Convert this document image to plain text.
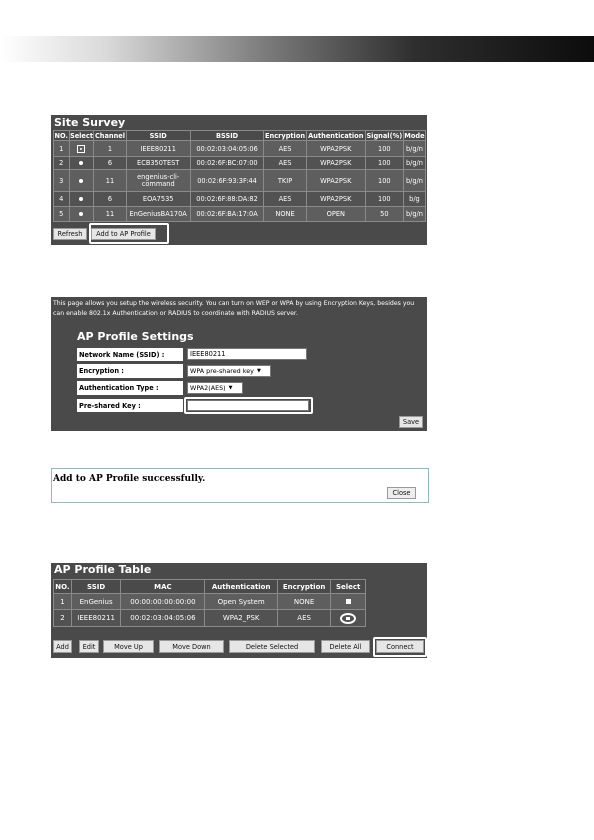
Site Survey
NO.	Select	Channel	SSID	BSSID	Encryption	Authentication	Signal(%)	Mode
1		1	IEEE80211	00:02:03:04:05:06	AES	WPA2PSK	100	b/g/n
2		6	ECB350TEST	00:02:6F:BC:07:00	AES	WPA2PSK	100	b/g/n
3		11	engenius-cli-command	00:02:6F:93:3F:44	TKIP	WPA2PSK	100	b/g/n
4		6	EOA7535	00:02:6F:88:DA:82	AES	WPA2PSK	100	b/g
5		11	EnGeniusBA170A	00:02:6F:BA:17:0A	NONE	OPEN	50	b/g/n
Refresh	Add to AP Profile
This page allows you setup the wireless security. You can turn on WEP or WPA by using Encryption Keys, besides you can enable 802.1x Authentication or RADIUS to coordinate with RADIUS server.
AP Profile Settings
Network Name (SSID) :	IEEE80211
Encryption :	WPA pre-shared key ▼
Authentication Type :	WPA2(AES) ▼
Pre-shared Key :
Save
Add to AP Profile successfully.
Close
AP Profile Table
NO.	SSID	MAC	Authentication	Encryption	Select
1	EnGenius	00:00:00:00:00:00	Open System	NONE	
2	IEEE80211	00:02:03:04:05:06	WPA2_PSK	AES	
Add	Edit	Move Up	Move Down	Delete Selected	Delete All	Connect
